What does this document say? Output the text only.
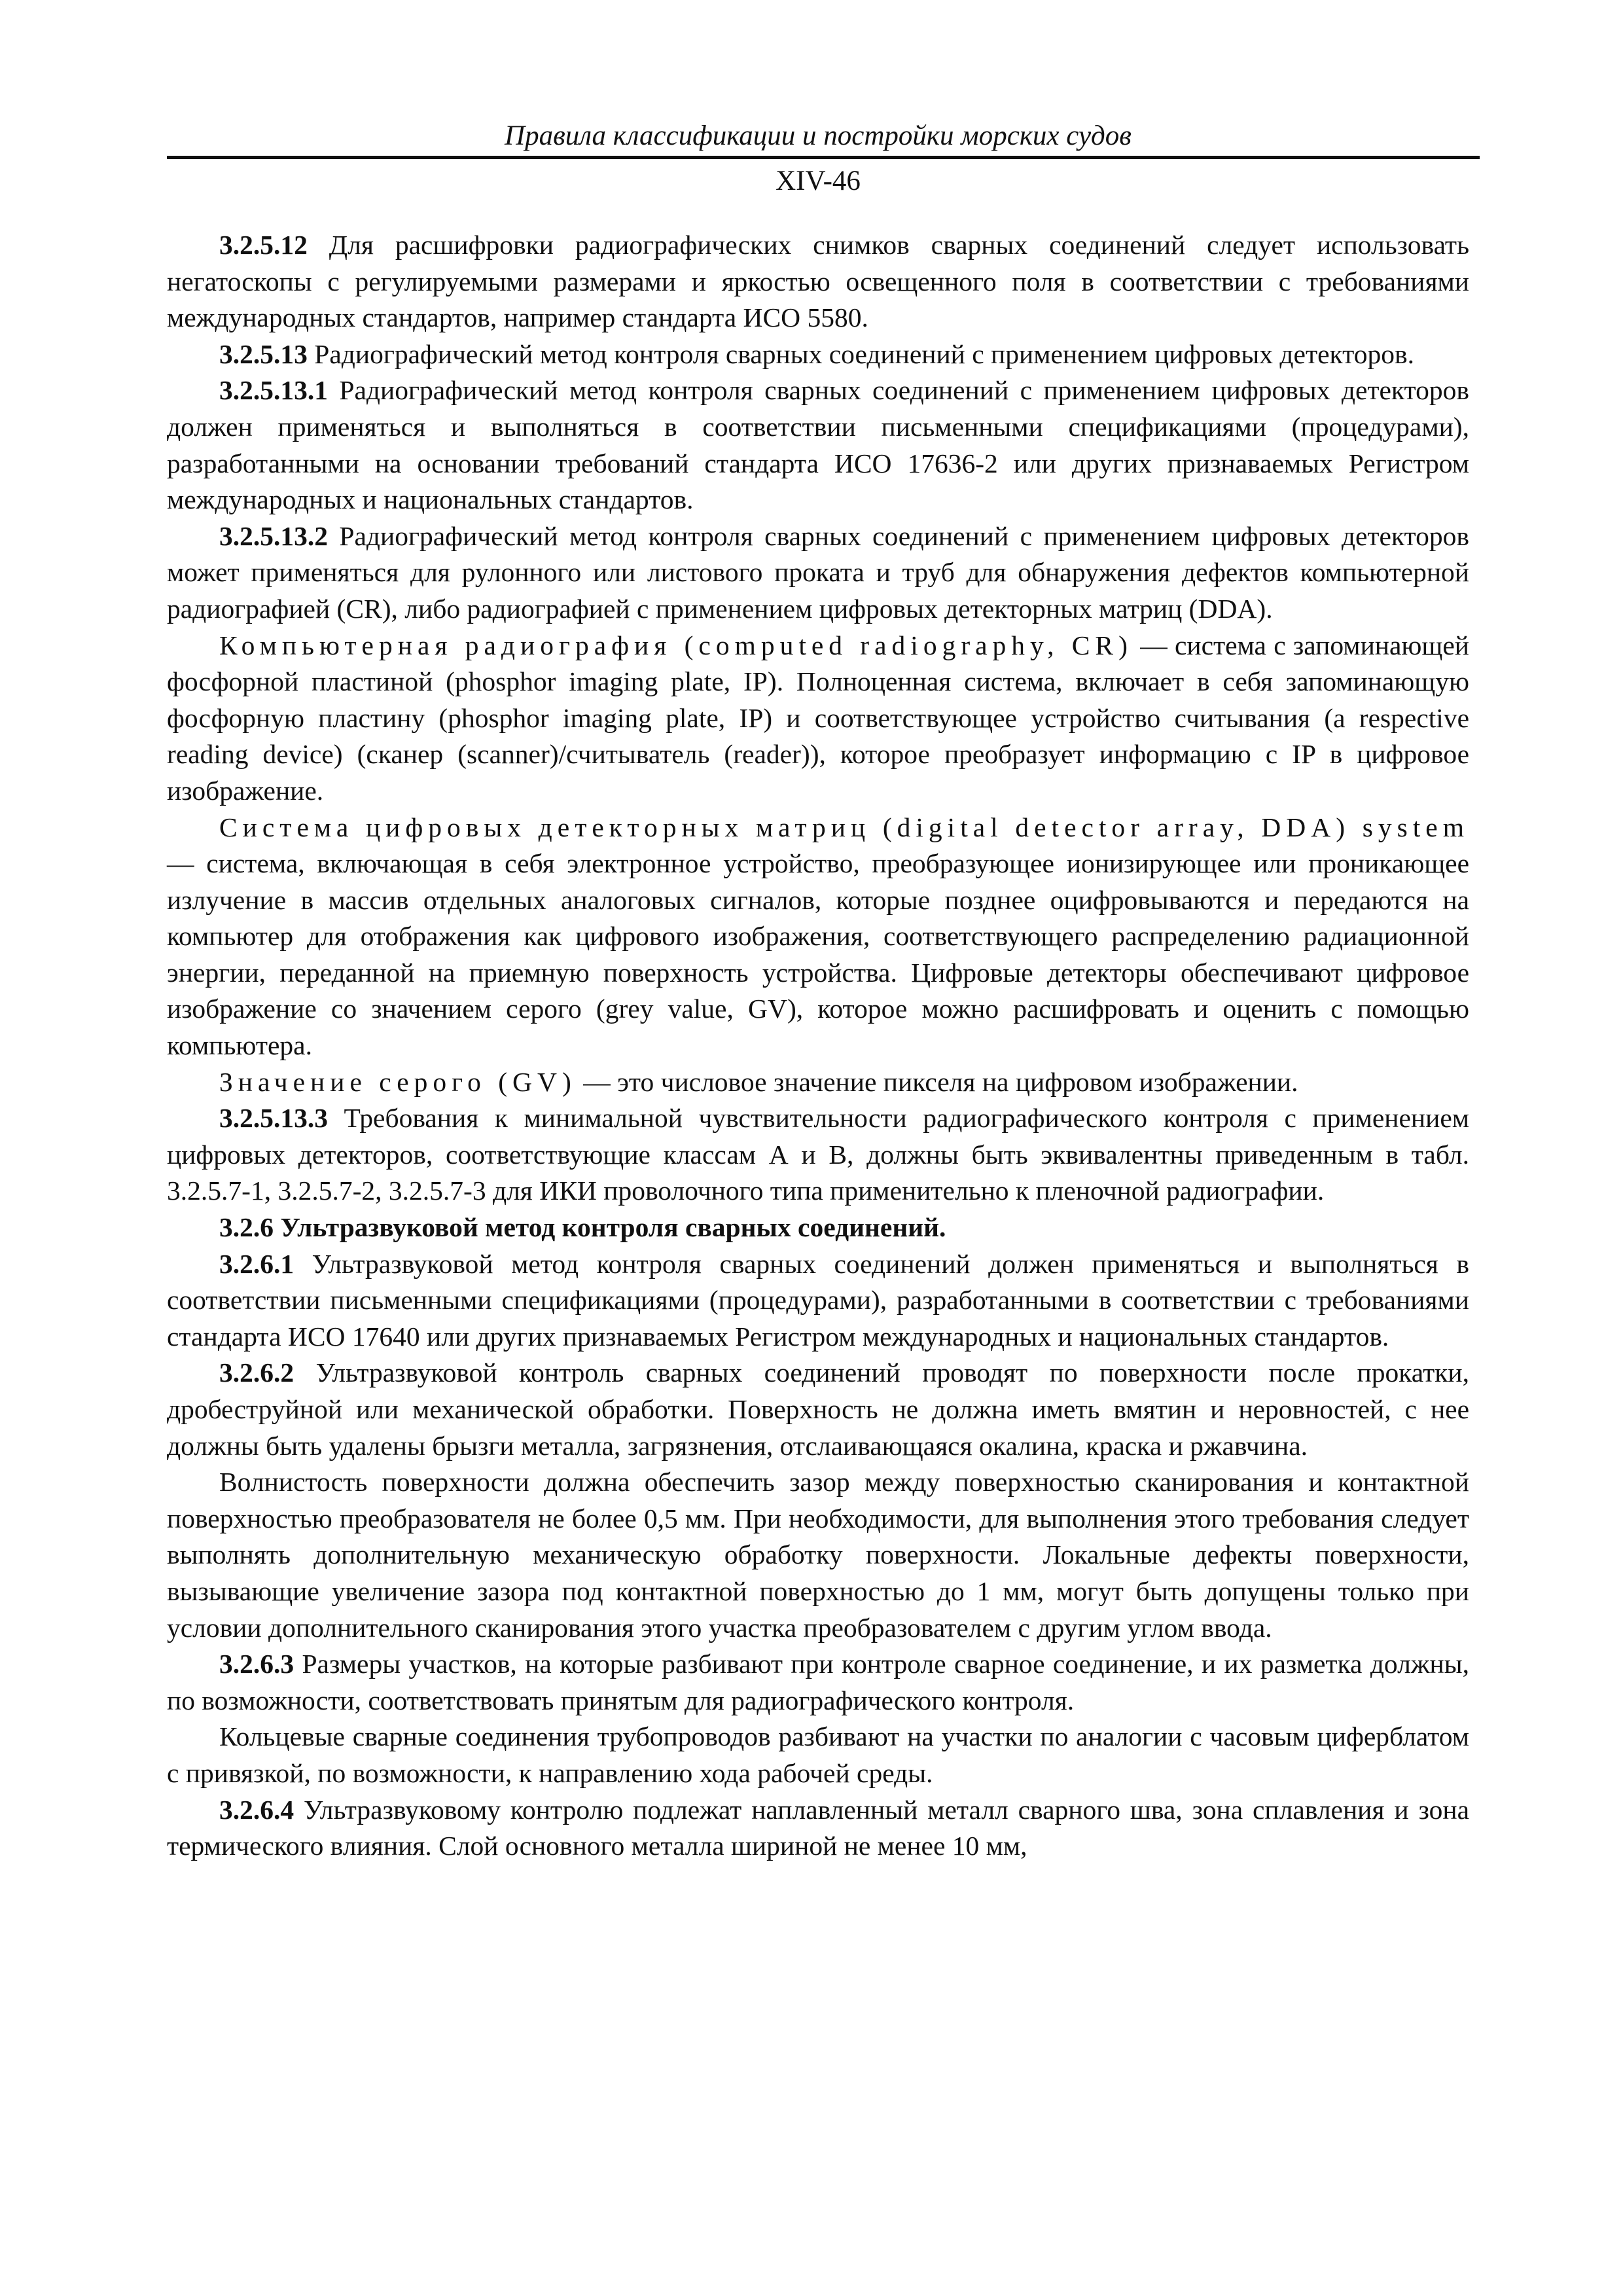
Правила классификации и постройки морских судов

XIV-46

3.2.5.12 Для расшифровки радиографических снимков сварных соединений следует использовать негатоскопы с регулируемыми размерами и яркостью освещенного поля в соответствии с требованиями международных стандартов, например стандарта ИСО 5580.

3.2.5.13 Радиографический метод контроля сварных соединений с применением цифровых детекторов.

3.2.5.13.1 Радиографический метод контроля сварных соединений с применением цифровых детекторов должен применяться и выполняться в соответствии письменными спецификациями (процедурами), разработанными на основании требований стандарта ИСО 17636-2 или других признаваемых Регистром международных и национальных стандартов.

3.2.5.13.2 Радиографический метод контроля сварных соединений с применением цифровых детекторов может применяться для рулонного или листового проката и труб для обнаружения дефектов компьютерной радиографией (CR), либо радиографией с применением цифровых детекторных матриц (DDA).

Компьютерная радиография (computed radiography, CR) — система с запоминающей фосфорной пластиной (phosphor imaging plate, IP). Полноценная система, включает в себя запоминающую фосфорную пластину (phosphor imaging plate, IP) и соответствующее устройство считывания (a respective reading device) (сканер (scanner)/считыватель (reader)), которое преобразует информацию с IP в цифровое изображение.

Система цифровых детекторных матриц (digital detector array, DDA) system — система, включающая в себя электронное устройство, преобразующее ионизирующее или проникающее излучение в массив отдельных аналоговых сигналов, которые позднее оцифровываются и передаются на компьютер для отображения как цифрового изображения, соответствующего распределению радиационной энергии, переданной на приемную поверхность устройства. Цифровые детекторы обеспечивают цифровое изображение со значением серого (grey value, GV), которое можно расшифровать и оценить с помощью компьютера.

Значение серого (GV) — это числовое значение пикселя на цифровом изображении.

3.2.5.13.3 Требования к минимальной чувствительности радиографического контроля с применением цифровых детекторов, соответствующие классам А и В, должны быть эквивалентны приведенным в табл. 3.2.5.7-1, 3.2.5.7-2, 3.2.5.7-3 для ИКИ проволочного типа применительно к пленочной радиографии.

3.2.6 Ультразвуковой метод контроля сварных соединений.

3.2.6.1 Ультразвуковой метод контроля сварных соединений должен применяться и выполняться в соответствии письменными спецификациями (процедурами), разработанными в соответствии с требованиями стандарта ИСО 17640 или других признаваемых Регистром международных и национальных стандартов.

3.2.6.2 Ультразвуковой контроль сварных соединений проводят по поверхности после прокатки, дробеструйной или механической обработки. Поверхность не должна иметь вмятин и неровностей, с нее должны быть удалены брызги металла, загрязнения, отслаивающаяся окалина, краска и ржавчина.

Волнистость поверхности должна обеспечить зазор между поверхностью сканирования и контактной поверхностью преобразователя не более 0,5 мм. При необходимости, для выполнения этого требования следует выполнять дополнительную механическую обработку поверхности. Локальные дефекты поверхности, вызывающие увеличение зазора под контактной поверхностью до 1 мм, могут быть допущены только при условии дополнительного сканирования этого участка преобразователем с другим углом ввода.

3.2.6.3 Размеры участков, на которые разбивают при контроле сварное соединение, и их разметка должны, по возможности, соответствовать принятым для радиографического контроля.

Кольцевые сварные соединения трубопроводов разбивают на участки по аналогии с часовым циферблатом с привязкой, по возможности, к направлению хода рабочей среды.

3.2.6.4 Ультразвуковому контролю подлежат наплавленный металл сварного шва, зона сплавления и зона термического влияния. Слой основного металла шириной не менее 10 мм,
